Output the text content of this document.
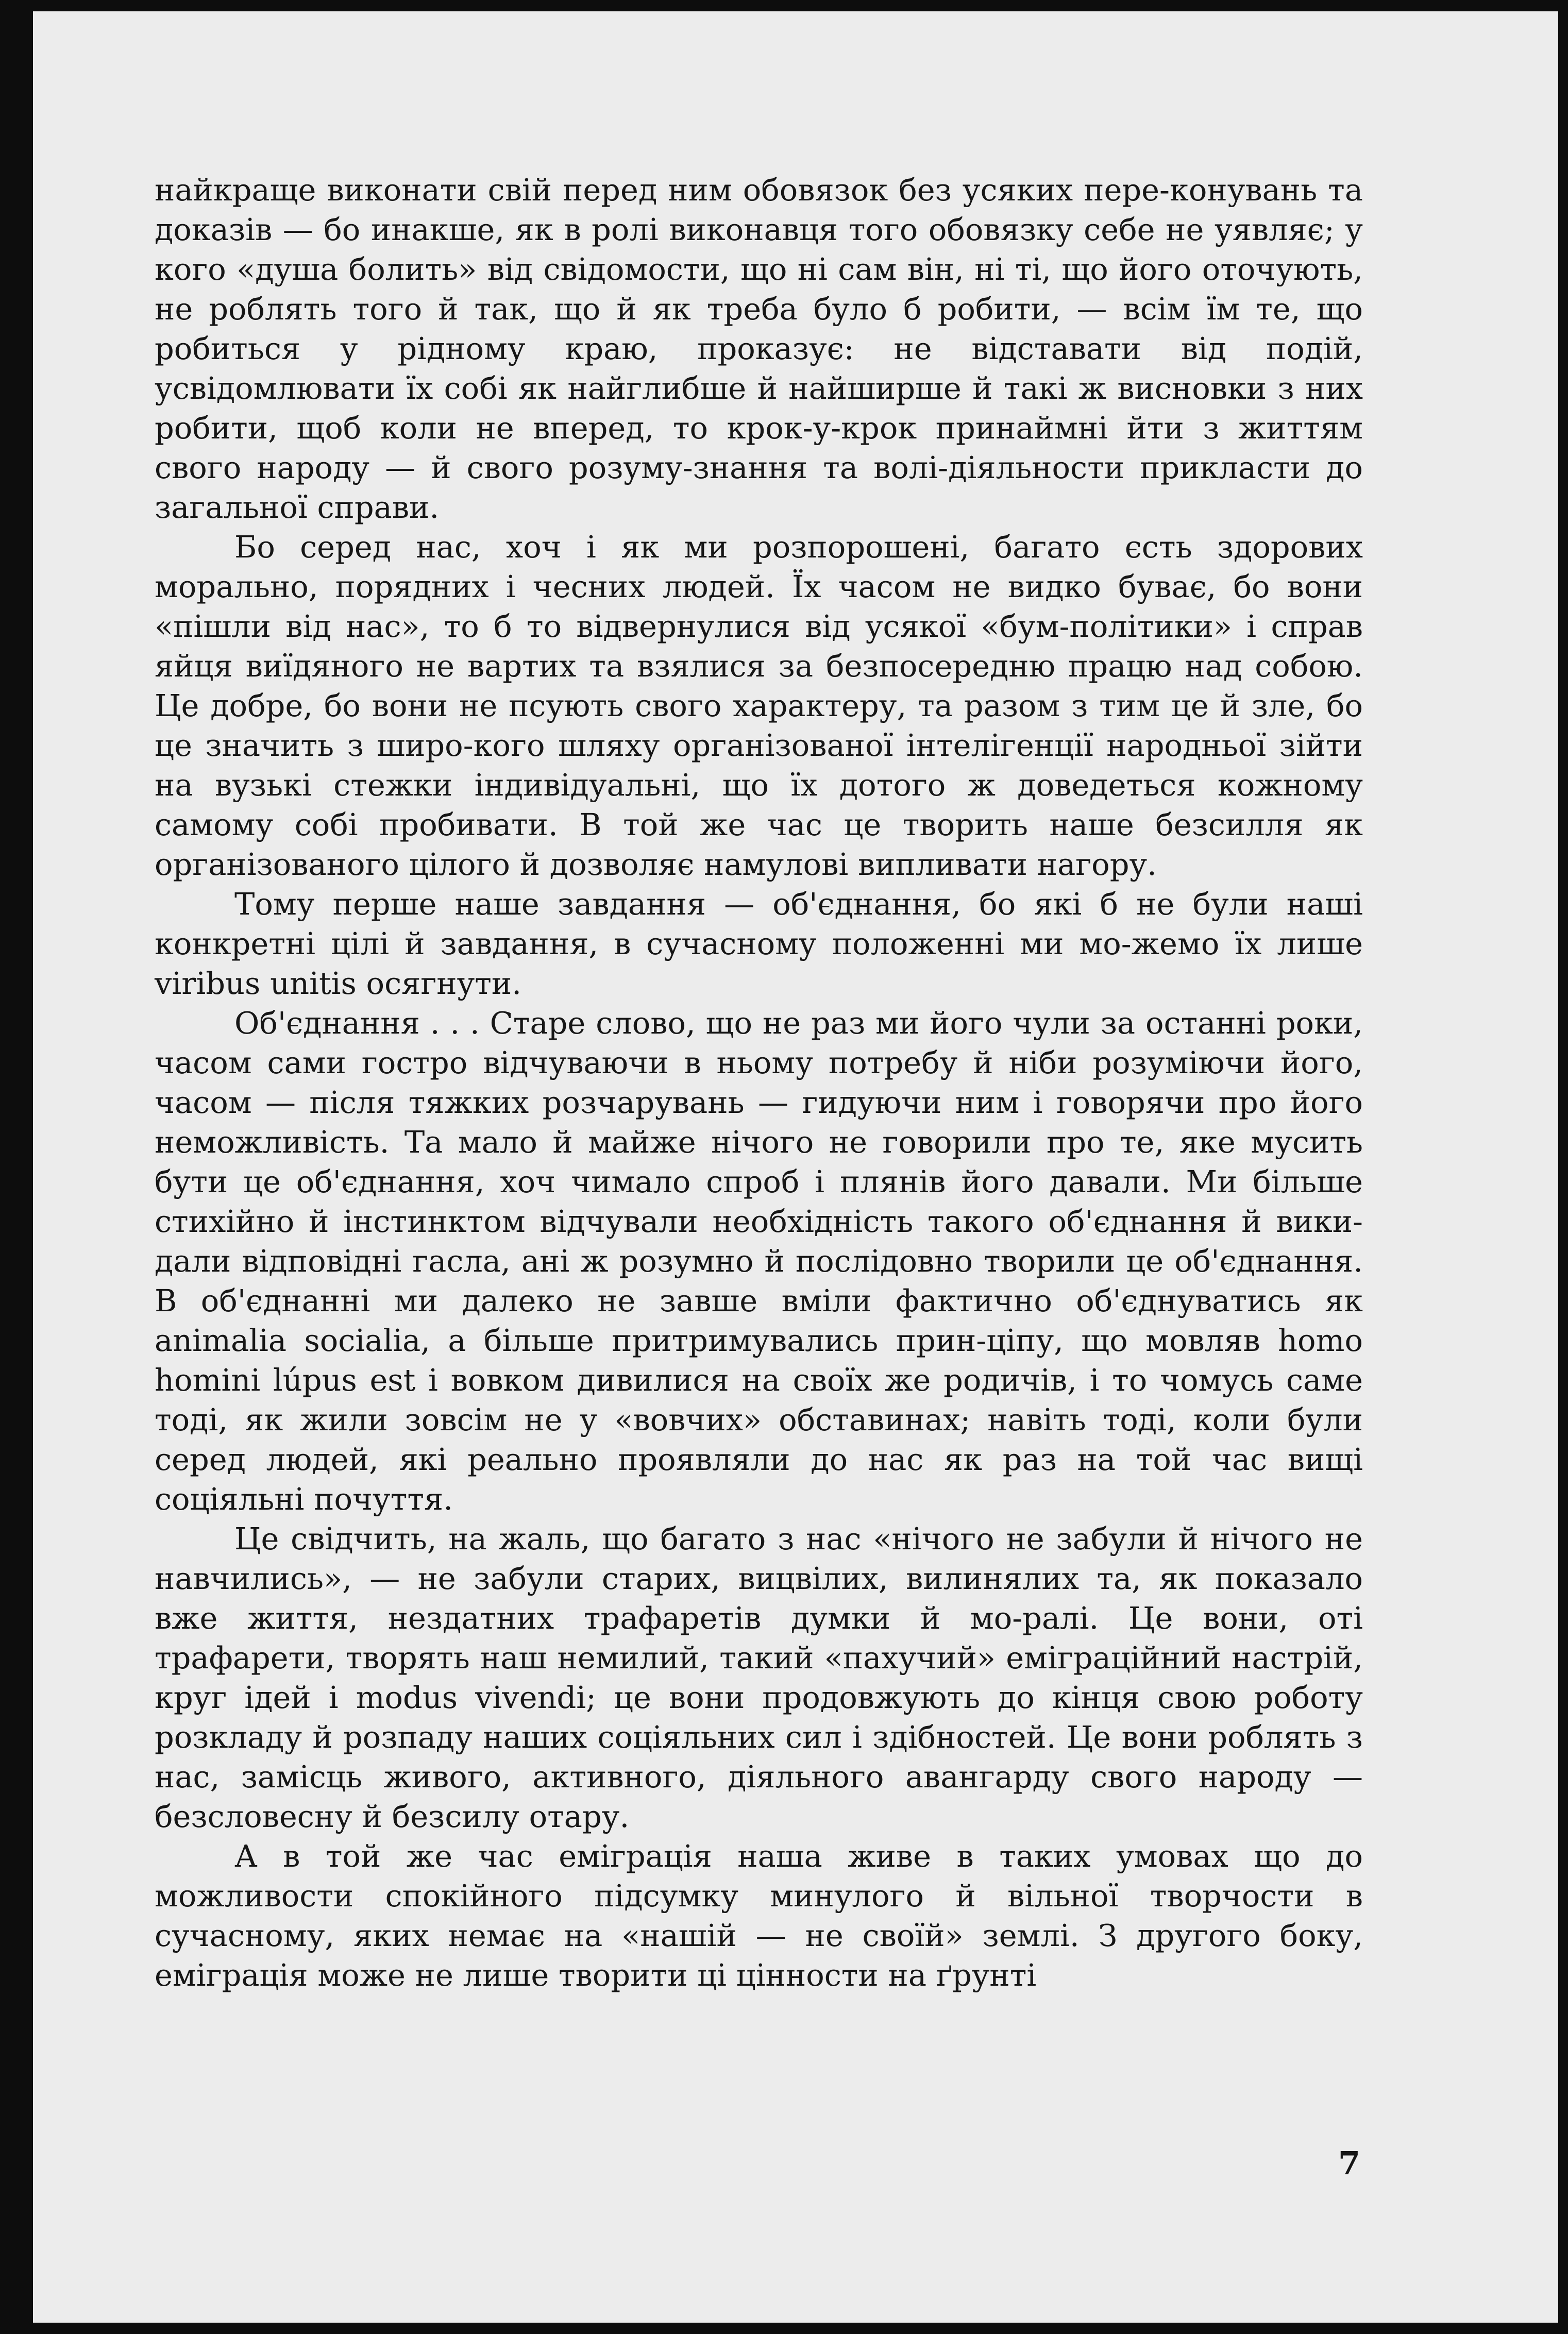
найкраще виконати свій перед ним обовязок без усяких пере-конувань та доказів — бо инакше, як в ролі виконавця того обовязку себе не уявляє; у кого «душа болить» від свідомости, що ні сам він, ні ті, що його оточують, не роблять того й так, що й як треба було б робити, — всім їм те, що робиться у рідному краю, проказує: не відставати від подій, усвідомлювати їх собі як найглибше й найширше й такі ж висновки з них робити, щоб коли не вперед, то крок-у-крок принаймні йти з життям свого народу — й свого розуму-знання та волі-діяльности прикласти до загальної справи.

Бо серед нас, хоч і як ми розпорошені, багато єсть здорових морально, порядних і чесних людей. Їх часом не видко буває, бо вони «пішли від нас», то б то відвернулися від усякої «бум-політики» і справ яйця виїдяного не вартих та взялися за безпосередню працю над собою. Це добре, бо вони не псують свого характеру, та разом з тим це й зле, бо це значить з широ-кого шляху організованої інтелігенції народньої зійти на вузькі стежки індивідуальні, що їх дотого ж доведеться кожному самому собі пробивати. В той же час це творить наше безсилля як організованого цілого й дозволяє намулові випливати нагору.

Тому перше наше завдання — об'єднання, бо які б не були наші конкретні цілі й завдання, в сучасному положенні ми мо-жемо їх лише viribus unitis осягнути.

Об'єднання . . . Старе слово, що не раз ми його чули за останні роки, часом сами гостро відчуваючи в ньому потребу й ніби розуміючи його, часом — після тяжких розчарувань — гидуючи ним і говорячи про його неможливість. Та мало й майже нічого не говорили про те, яке мусить бути це об'єднання, хоч чимало спроб і плянів його давали. Ми більше стихійно й інстинктом відчували необхідність такого об'єднання й вики-дали відповідні гасла, ані ж розумно й послідовно творили це об'єднання. В об'єднанні ми далеко не завше вміли фактично об'єднуватись як animalia socialia, а більше притримувались прин-ціпу, що мовляв homo homini lúpus est і вовком дивилися на своїх же родичів, і то чомусь саме тоді, як жили зовсім не у «вовчих» обставинах; навіть тоді, коли були серед людей, які реально проявляли до нас як раз на той час вищі соціяльні почуття.

Це свідчить, на жаль, що багато з нас «нічого не забули й нічого не навчились», — не забули старих, вицвілих, вилинялих та, як показало вже життя, нездатних трафаретів думки й мо-ралі. Це вони, оті трафарети, творять наш немилий, такий «пахучий» еміграційний настрій, круг ідей і modus vivendi; це вони продовжують до кінця свою роботу розкладу й розпаду наших соціяльних сил і здібностей. Це вони роблять з нас, замісць живого, активного, діяльного авангарду свого народу — безсловесну й безсилу отару.

А в той же час еміграція наша живе в таких умовах що до можливости спокійного підсумку минулого й вільної творчости в сучасному, яких немає на «нашій — не своїй» землі. З другого боку, еміграція може не лише творити ці цінности на ґрунті

7
